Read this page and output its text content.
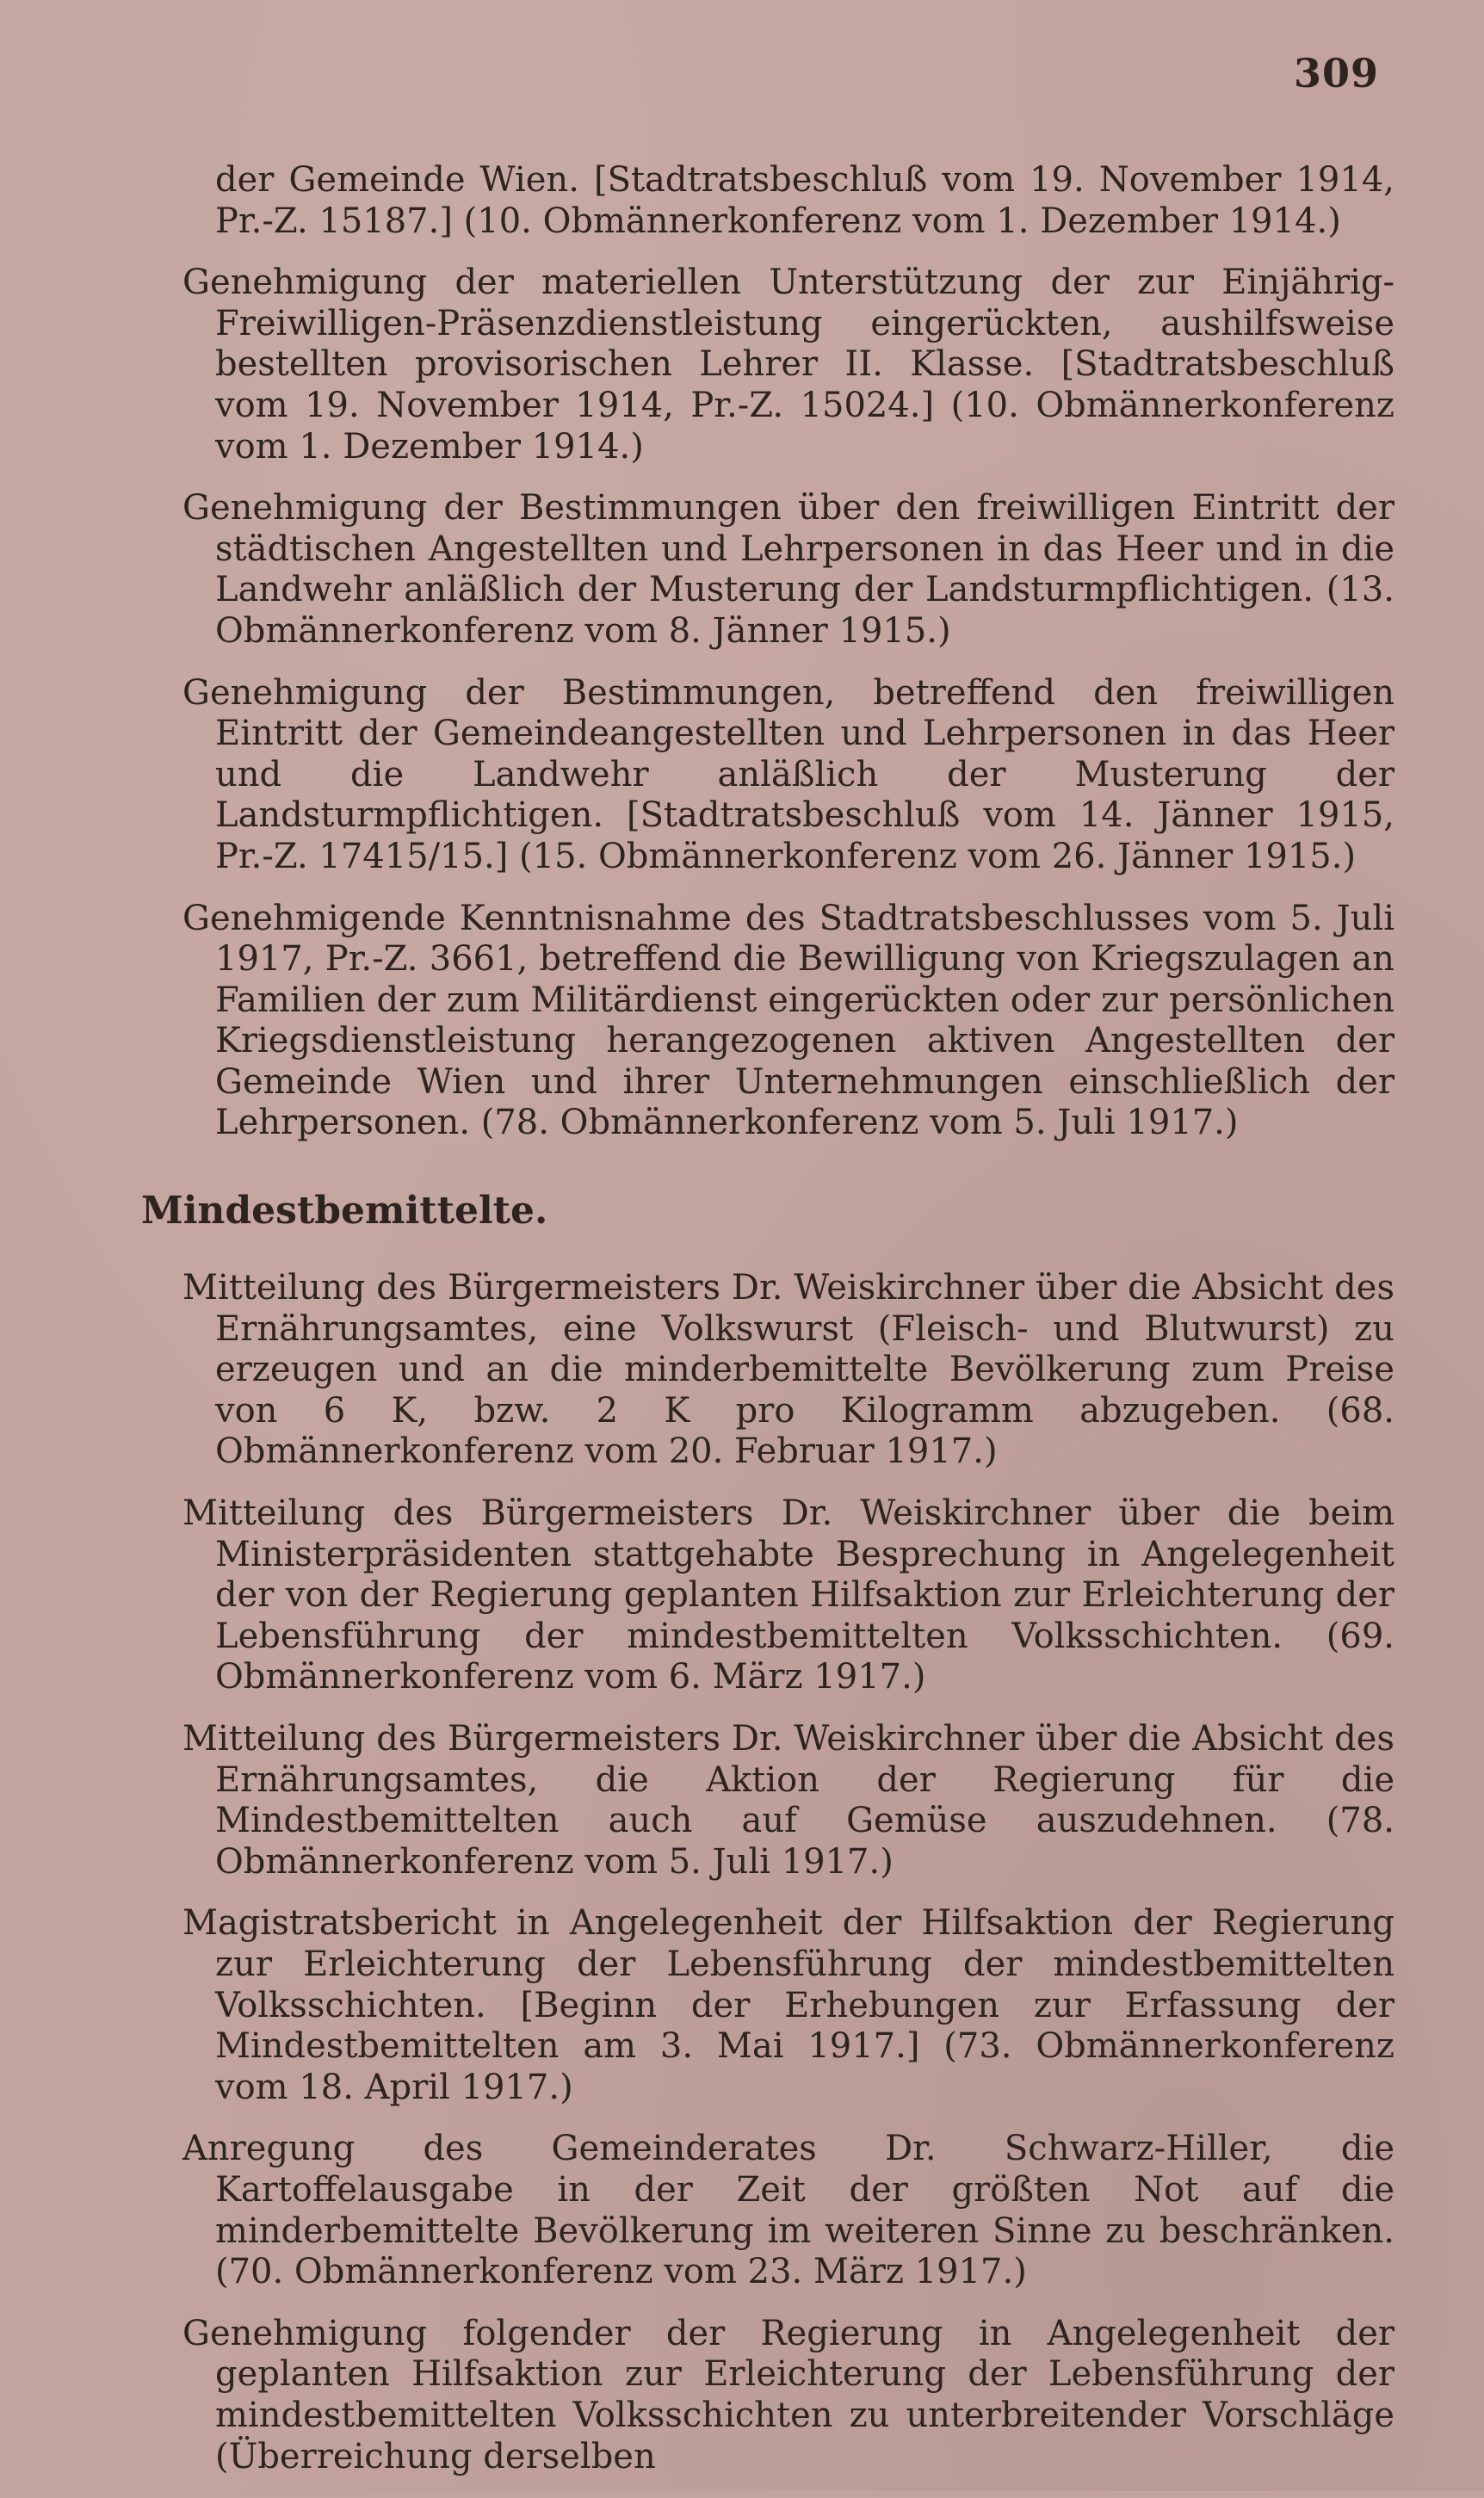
309

der Gemeinde Wien. [Stadtratsbeschluß vom 19. November 1914, Pr.-Z. 15187.] (10. Obmännerkonferenz vom 1. Dezember 1914.)

Genehmigung der materiellen Unterstützung der zur Einjährig-Freiwilligen-Präsenzdienstleistung eingerückten, aushilfsweise bestellten provisorischen Lehrer II. Klasse. [Stadtratsbeschluß vom 19. November 1914, Pr.-Z. 15024.] (10. Obmännerkonferenz vom 1. Dezember 1914.)

Genehmigung der Bestimmungen über den freiwilligen Eintritt der städtischen Angestellten und Lehrpersonen in das Heer und in die Landwehr anläßlich der Musterung der Landsturmpflichtigen. (13. Obmännerkonferenz vom 8. Jänner 1915.)

Genehmigung der Bestimmungen, betreffend den freiwilligen Eintritt der Gemeindeangestellten und Lehrpersonen in das Heer und die Landwehr anläßlich der Musterung der Landsturmpflichtigen. [Stadtratsbeschluß vom 14. Jänner 1915, Pr.-Z. 17415/15.] (15. Obmännerkonferenz vom 26. Jänner 1915.)

Genehmigende Kenntnisnahme des Stadtratsbeschlusses vom 5. Juli 1917, Pr.-Z. 3661, betreffend die Bewilligung von Kriegszulagen an Familien der zum Militärdienst eingerückten oder zur persönlichen Kriegsdienstleistung herangezogenen aktiven Angestellten der Gemeinde Wien und ihrer Unternehmungen einschließlich der Lehrpersonen. (78. Obmännerkonferenz vom 5. Juli 1917.)

Mindestbemittelte.

Mitteilung des Bürgermeisters Dr. Weiskirchner über die Absicht des Ernährungsamtes, eine Volkswurst (Fleisch- und Blutwurst) zu erzeugen und an die minderbemittelte Bevölkerung zum Preise von 6 K, bzw. 2 K pro Kilogramm abzugeben. (68. Obmännerkonferenz vom 20. Februar 1917.)

Mitteilung des Bürgermeisters Dr. Weiskirchner über die beim Ministerpräsidenten stattgehabte Besprechung in Angelegenheit der von der Regierung geplanten Hilfsaktion zur Erleichterung der Lebensführung der mindestbemittelten Volksschichten. (69. Obmännerkonferenz vom 6. März 1917.)

Mitteilung des Bürgermeisters Dr. Weiskirchner über die Absicht des Ernährungsamtes, die Aktion der Regierung für die Mindestbemittelten auch auf Gemüse auszudehnen. (78. Obmännerkonferenz vom 5. Juli 1917.)

Magistratsbericht in Angelegenheit der Hilfsaktion der Regierung zur Erleichterung der Lebensführung der mindestbemittelten Volksschichten. [Beginn der Erhebungen zur Erfassung der Mindestbemittelten am 3. Mai 1917.] (73. Obmännerkonferenz vom 18. April 1917.)

Anregung des Gemeinderates Dr. Schwarz-Hiller, die Kartoffelausgabe in der Zeit der größten Not auf die minderbemittelte Bevölkerung im weiteren Sinne zu beschränken. (70. Obmännerkonferenz vom 23. März 1917.)

Genehmigung folgender der Regierung in Angelegenheit der geplanten Hilfsaktion zur Erleichterung der Lebensführung der mindestbemittelten Volksschichten zu unterbreitender Vorschläge (Überreichung derselben
